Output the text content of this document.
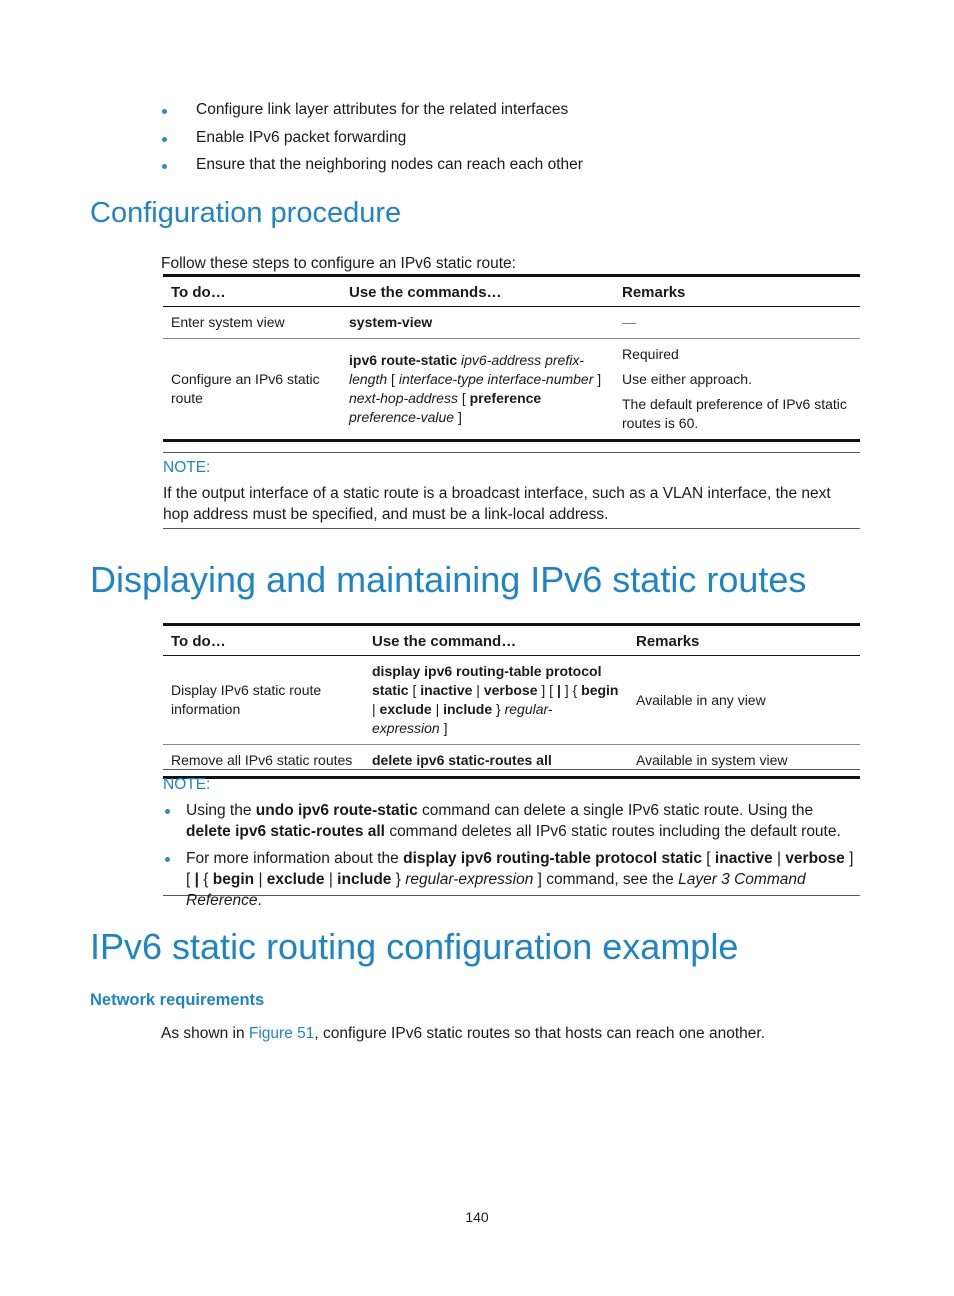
Configure link layer attributes for the related interfaces
Enable IPv6 packet forwarding
Ensure that the neighboring nodes can reach each other
Configuration procedure
Follow these steps to configure an IPv6 static route:
To do…	Use the commands…	Remarks
Enter system view	system-view	—
Configure an IPv6 static route	ipv6 route-static ipv6-address prefix-length [ interface-type interface-number ] next-hop-address [ preference preference-value ]	Required
Use either approach.
The default preference of IPv6 static routes is 60.
NOTE:
If the output interface of a static route is a broadcast interface, such as a VLAN interface, the next hop address must be specified, and must be a link-local address.
Displaying and maintaining IPv6 static routes
To do…	Use the command…	Remarks
Display IPv6 static route information	display ipv6 routing-table protocol static [ inactive | verbose ] [ | ] { begin | exclude | include } regular-expression ]	Available in any view
Remove all IPv6 static routes	delete ipv6 static-routes all	Available in system view
NOTE:
Using the undo ipv6 route-static command can delete a single IPv6 static route. Using the delete ipv6 static-routes all command deletes all IPv6 static routes including the default route.
For more information about the display ipv6 routing-table protocol static [ inactive | verbose ] [ | { begin | exclude | include } regular-expression ] command, see the Layer 3 Command Reference.
IPv6 static routing configuration example
Network requirements
As shown in Figure 51, configure IPv6 static routes so that hosts can reach one another.
140
